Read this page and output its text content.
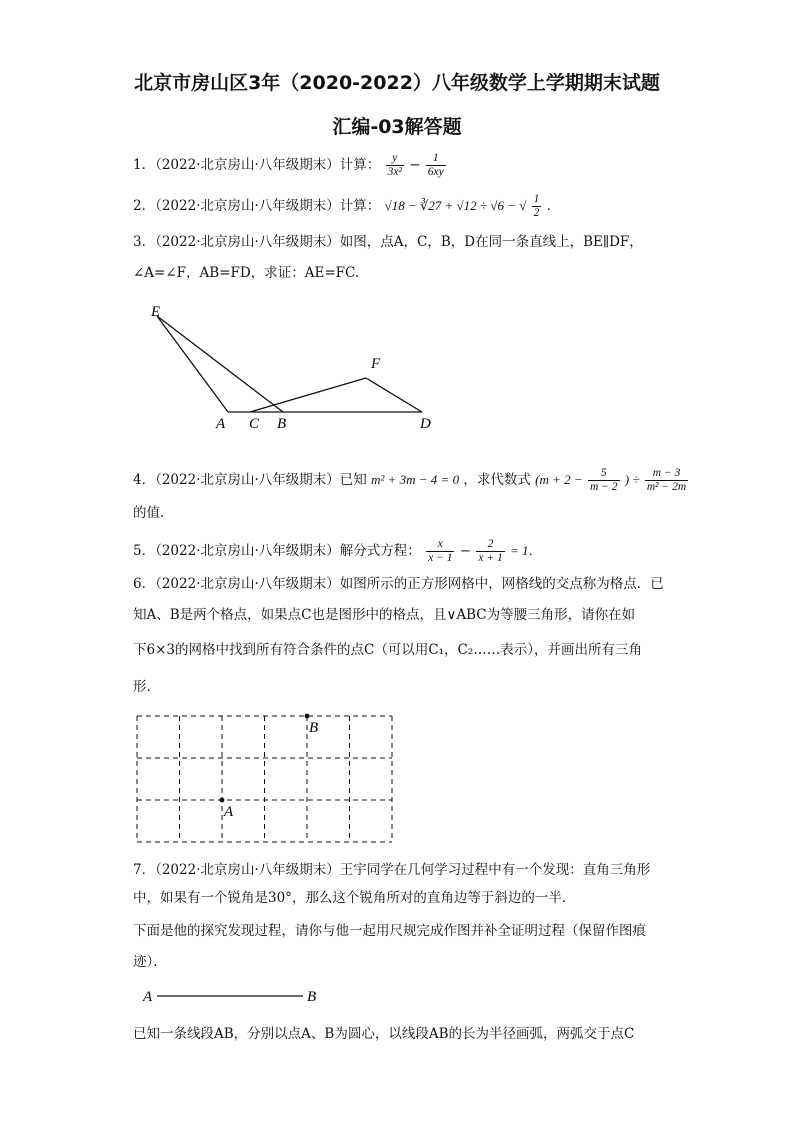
北京市房山区3年（2020-2022）八年级数学上学期期末试题
汇编-03解答题
1．（2022·北京房山·八年级期末）计算： $\frac{y}{\text{3x²}} - \frac{1}{6xy}$
2．（2022·北京房山·八年级期末）计算： √18 − ∛27 + √12 ÷ √6 − √ $\frac{1}{2}$ ．
3．（2022·北京房山·八年级期末）如图，点A，C，B，D在同一条直线上，BE∥DF，
∠A=∠F，AB=FD，求证：AE=FC.
E
F
A C B	D
4．（2022·北京房山·八年级期末）已知 m² + 3m − 4 = 0 ，求代数式 ($m + 2 - \frac{5}{m - 2}$ ) ÷ $\frac{m - 3}{\text{m² − 2m}}$
的值.
5．（2022·北京房山·八年级期末）解分式方程： $\frac{x}{x - 1} - \frac{2}{x + 1} = 1$．
6．（2022·北京房山·八年级期末）如图所示的正方形网格中，网格线的交点称为格点．已
知A、B是两个格点，如果点C也是图形中的格点，且∨ABC为等腰三角形，请你在如
下6×3的网格中找到所有符合条件的点C（可以用C₁，C₂……表示），并画出所有三角
形．
A
B
7．（2022·北京房山·八年级期末）王宇同学在几何学习过程中有一个发现：直角三角形
中，如果有一个锐角是30°，那么这个锐角所对的直角边等于斜边的一半．
下面是他的探究发现过程，请你与他一起用尺规完成作图并补全证明过程（保留作图痕
迹）．
A	B
已知一条线段AB，分别以点A、B为圆心，以线段AB的长为半径画弧，两弧交于点C
